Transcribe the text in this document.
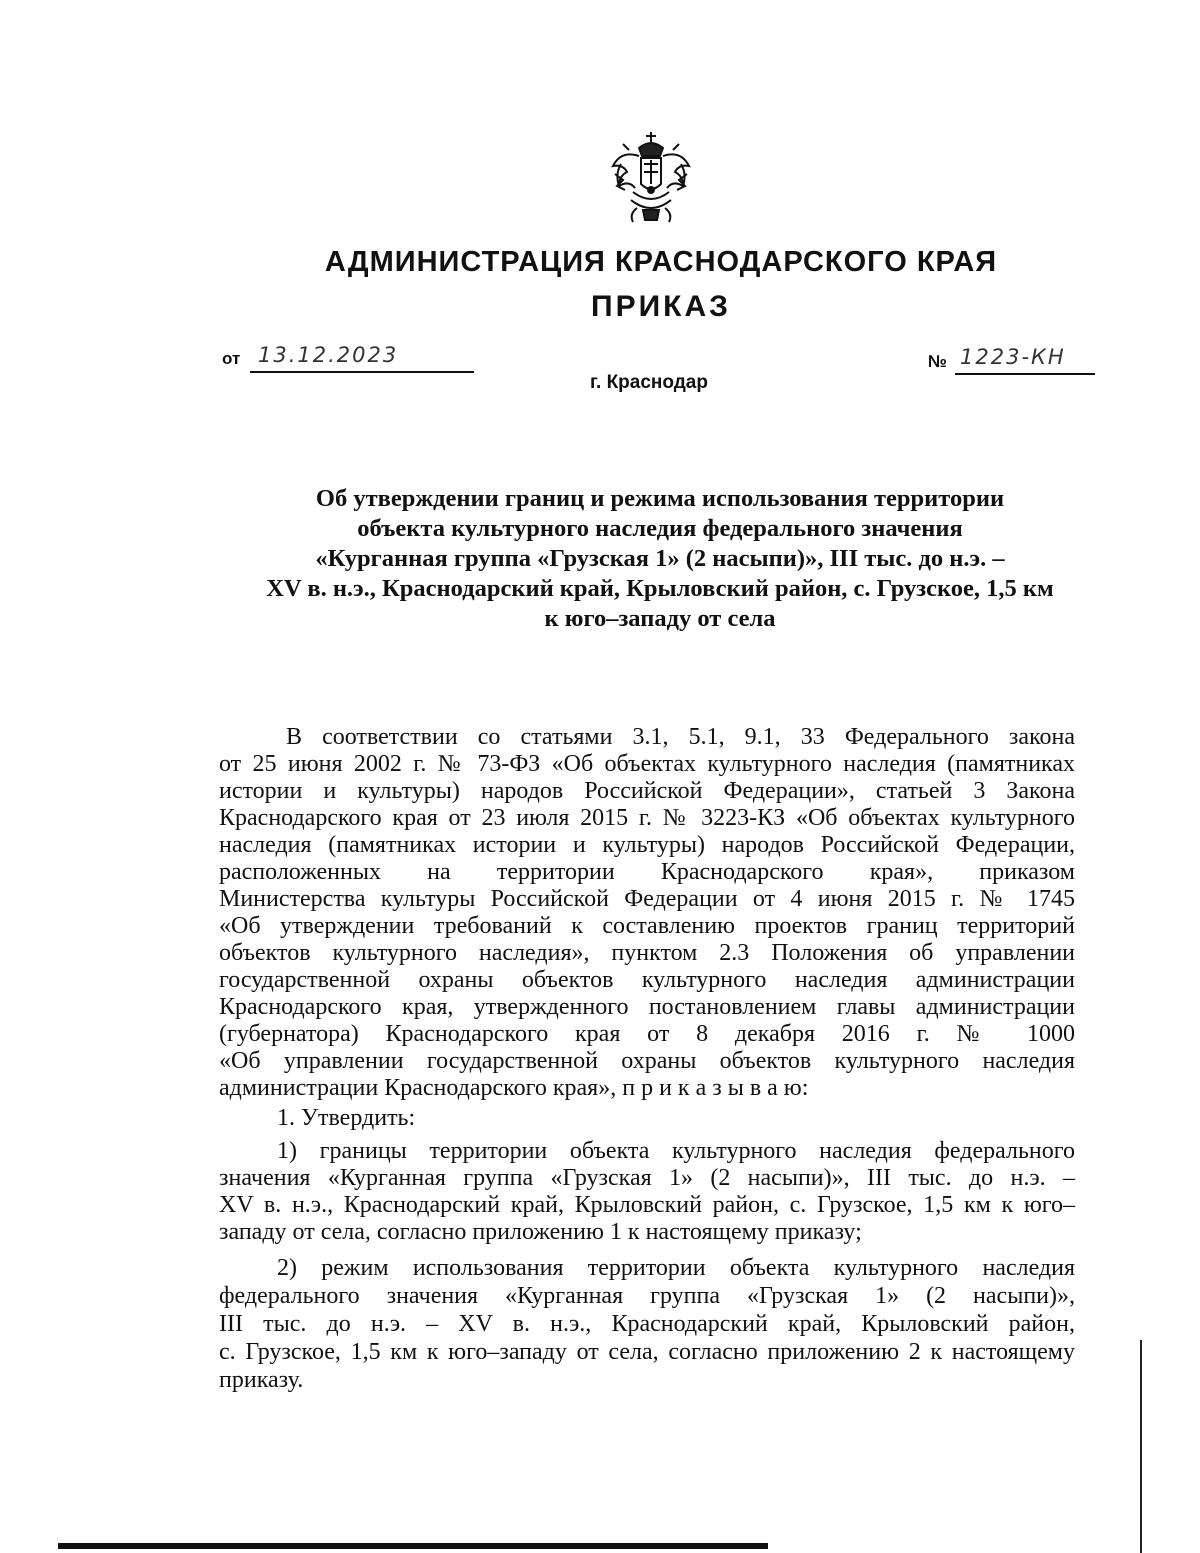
АДМИНИСТРАЦИЯ КРАСНОДАРСКОГО КРАЯ
ПРИКАЗ
от 13.12.2023	№ 1223-КН
г. Краснодар
Об утверждении границ и режима использования территории
объекта культурного наследия федерального значения
«Курганная группа «Грузская 1» (2 насыпи)», III тыс. до н.э. –
XV в. н.э., Краснодарский край, Крыловский район, с. Грузское, 1,5 км
к юго–западу от села
В соответствии со статьями 3.1, 5.1, 9.1, 33 Федерального закона
от 25 июня 2002 г. № 73-ФЗ «Об объектах культурного наследия (памятниках
истории и культуры) народов Российской Федерации», статьей 3 Закона
Краснодарского края от 23 июля 2015 г. № 3223-КЗ «Об объектах культурного
наследия (памятниках истории и культуры) народов Российской Федерации,
расположенных на территории Краснодарского края», приказом
Министерства культуры Российской Федерации от 4 июня 2015 г. № 1745
«Об утверждении требований к составлению проектов границ территорий
объектов культурного наследия», пунктом 2.3 Положения об управлении
государственной охраны объектов культурного наследия администрации
Краснодарского края, утвержденного постановлением главы администрации
(губернатора) Краснодарского края от 8 декабря 2016 г. № 1000
«Об управлении государственной охраны объектов культурного наследия
администрации Краснодарского края», п р и к а з ы в а ю:
1. Утвердить:
1) границы территории объекта культурного наследия федерального
значения «Курганная группа «Грузская 1» (2 насыпи)», III тыс. до н.э. –
XV в. н.э., Краснодарский край, Крыловский район, с. Грузское, 1,5 км к юго–
западу от села, согласно приложению 1 к настоящему приказу;
2) режим использования территории объекта культурного наследия
федерального значения «Курганная группа «Грузская 1» (2 насыпи)»,
III тыс. до н.э. – XV в. н.э., Краснодарский край, Крыловский район,
с. Грузское, 1,5 км к юго–западу от села, согласно приложению 2 к настоящему
приказу.
